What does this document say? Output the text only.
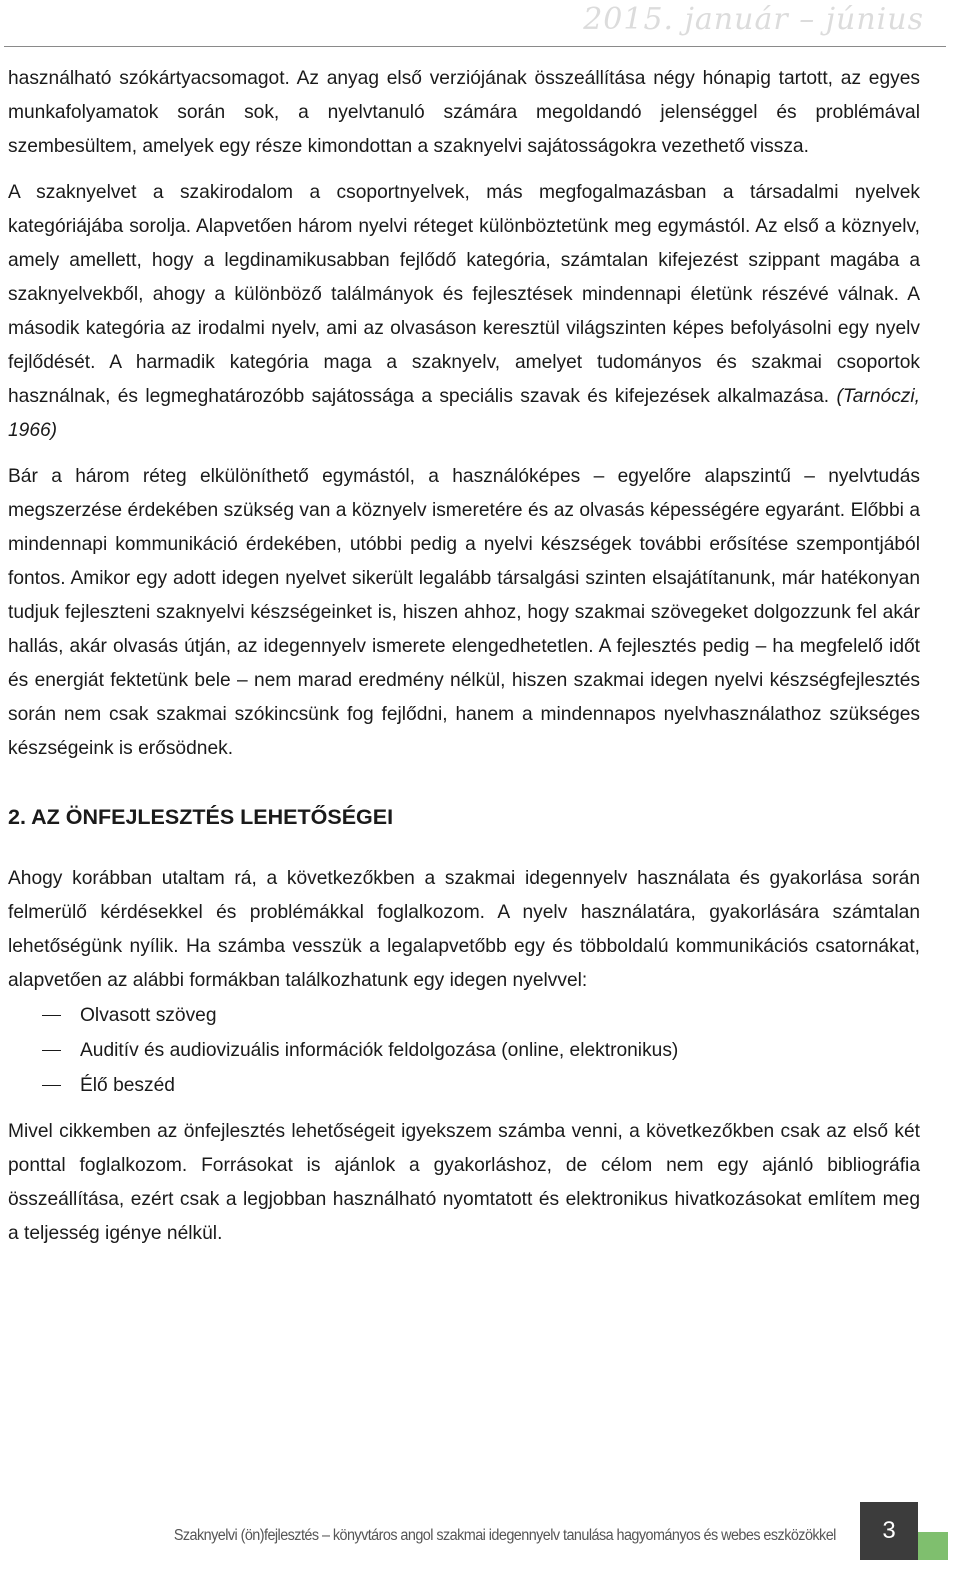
2015. január – június

használható szókártyacsomagot. Az anyag első verziójának összeállítása négy hónapig tartott, az egyes munkafolyamatok során sok, a nyelvtanuló számára megoldandó jelenséggel és problémával szembesültem, amelyek egy része kimondottan a szaknyelvi sajátosságokra vezethető vissza.

A szaknyelvet a szakirodalom a csoportnyelvek, más megfogalmazásban a társadalmi nyelvek kategóriájába sorolja. Alapvetően három nyelvi réteget különböztetünk meg egymástól. Az első a köznyelv, amely amellett, hogy a legdinamikusabban fejlődő kategória, számtalan kifejezést szippant magába a szaknyelvekből, ahogy a különböző találmányok és fejlesztések mindennapi életünk részévé válnak. A második kategória az irodalmi nyelv, ami az olvasáson keresztül világszinten képes befolyásolni egy nyelv fejlődését. A harmadik kategória maga a szaknyelv, amelyet tudományos és szakmai csoportok használnak, és legmeghatározóbb sajátossága a speciális szavak és kifejezések alkalmazása. (Tarnóczi, 1966)

Bár a három réteg elkülöníthető egymástól, a használóképes – egyelőre alapszintű – nyelvtudás megszerzése érdekében szükség van a köznyelv ismeretére és az olvasás képességére egyaránt. Előbbi a mindennapi kommunikáció érdekében, utóbbi pedig a nyelvi készségek további erősítése szempontjából fontos. Amikor egy adott idegen nyelvet sikerült legalább társalgási szinten elsajátítanunk, már hatékonyan tudjuk fejleszteni szaknyelvi készségeinket is, hiszen ahhoz, hogy szakmai szövegeket dolgozzunk fel akár hallás, akár olvasás útján, az idegennyelv ismerete elengedhetetlen. A fejlesztés pedig – ha megfelelő időt és energiát fektetünk bele – nem marad eredmény nélkül, hiszen szakmai idegen nyelvi készségfejlesztés során nem csak szakmai szókincsünk fog fejlődni, hanem a mindennapos nyelvhasználathoz szükséges készségeink is erősödnek.

2. AZ ÖNFEJLESZTÉS LEHETŐSÉGEI

Ahogy korábban utaltam rá, a következőkben a szakmai idegennyelv használata és gyakorlása során felmerülő kérdésekkel és problémákkal foglalkozom. A nyelv használatára, gyakorlására számtalan lehetőségünk nyílik. Ha számba vesszük a legalapvetőbb egy és többoldalú kommunikációs csatornákat, alapvetően az alábbi formákban találkozhatunk egy idegen nyelvvel:

Olvasott szöveg
Auditív és audiovizuális információk feldolgozása (online, elektronikus)
Élő beszéd

Mivel cikkemben az önfejlesztés lehetőségeit igyekszem számba venni, a következőkben csak az első két ponttal foglalkozom. Forrásokat is ajánlok a gyakorláshoz, de célom nem egy ajánló bibliográfia összeállítása, ezért csak a legjobban használható nyomtatott és elektronikus hivatkozásokat említem meg a teljesség igénye nélkül.

Szaknyelvi (ön)fejlesztés – könyvtáros angol szakmai idegennyelv tanulása hagyományos és webes eszközökkel 3
